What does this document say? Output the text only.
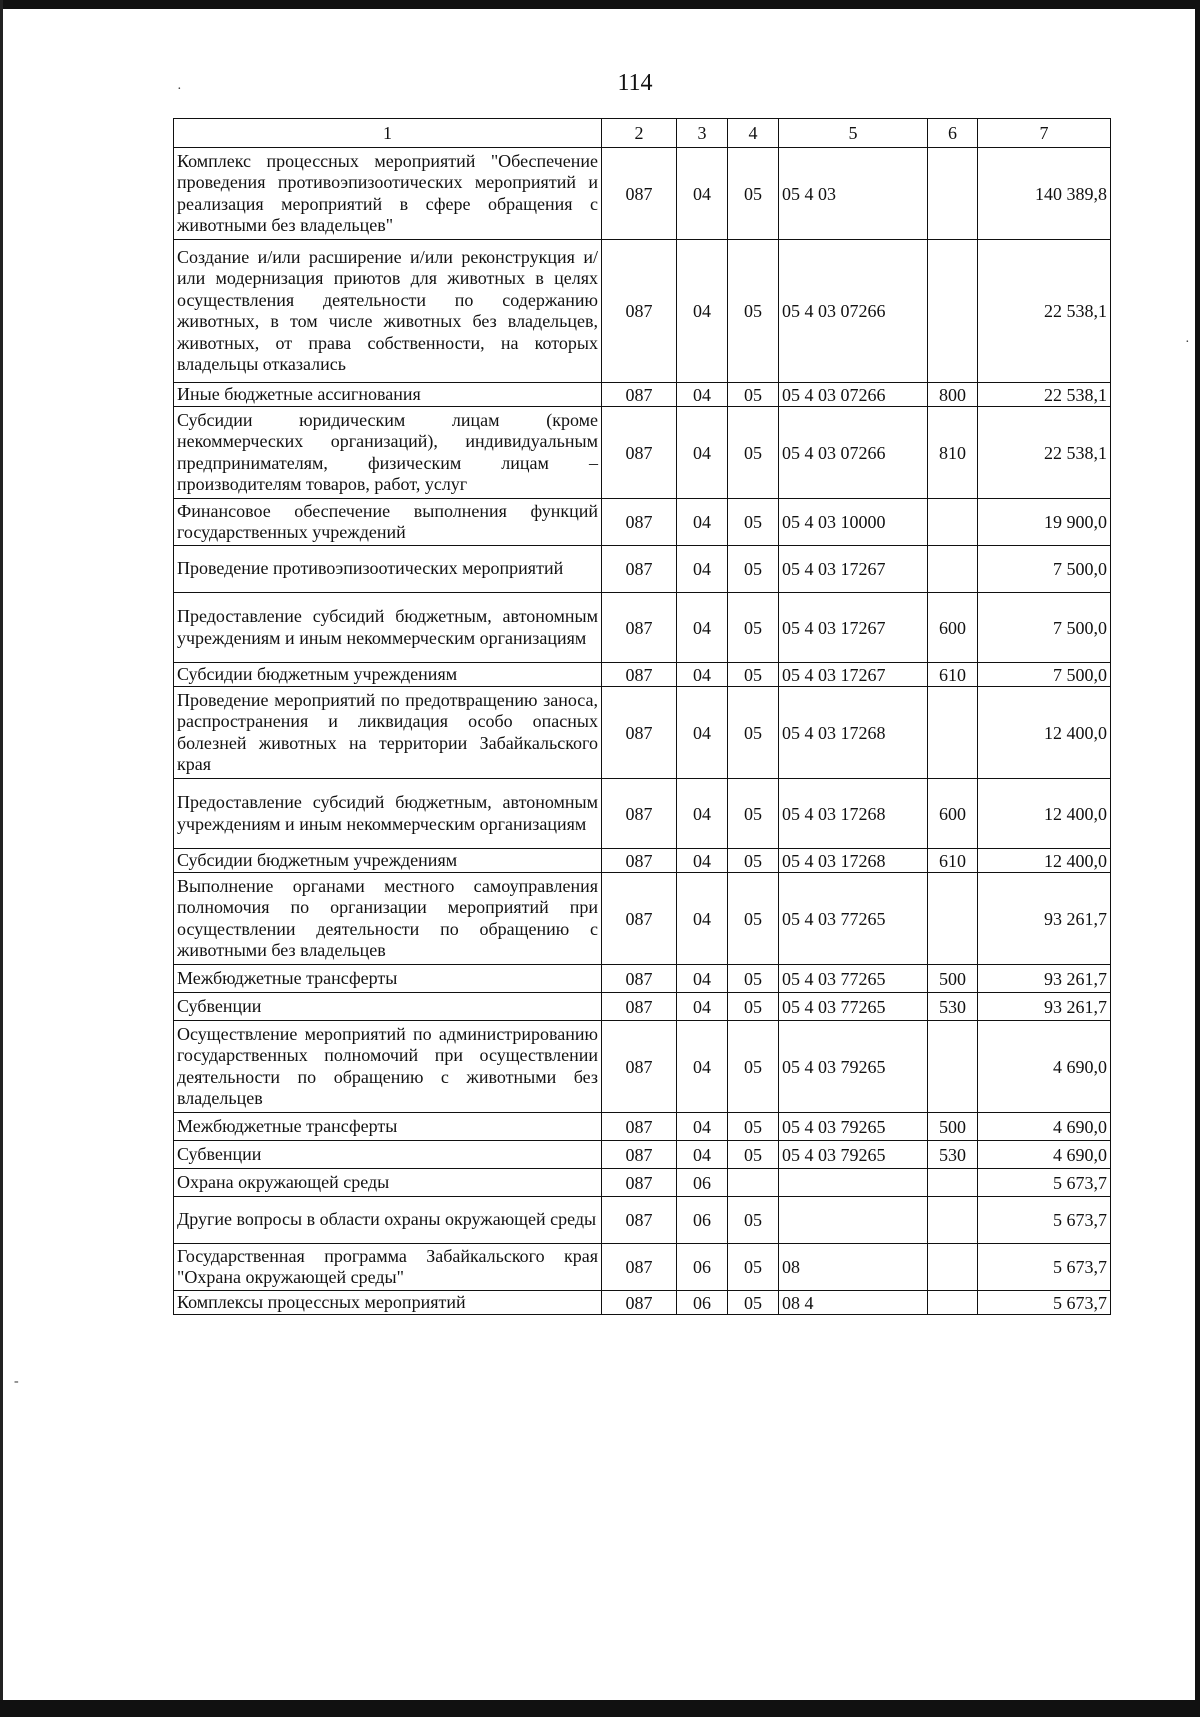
·
·
-
114
1	2	3	4	5	6	7
Комплекс процессных мероприятий "Обеспечение проведения противоэпизоотических мероприятий и реализация мероприятий в сфере обращения с животными без владельцев"	087	04	05	05 4 03		140 389,8
Создание и/или расширение и/или реконструкция и/или модернизация приютов для животных в целях осуществления деятельности по содержанию животных, в том числе животных без владельцев, животных, от права собственности, на которых владельцы отказались	087	04	05	05 4 03 07266		22 538,1
Иные бюджетные ассигнования	087	04	05	05 4 03 07266	800	22 538,1
Субсидии юридическим лицам (кроме некоммерческих организаций), индивидуальным предпринимателям, физическим лицам – производителям товаров, работ, услуг	087	04	05	05 4 03 07266	810	22 538,1
Финансовое обеспечение выполнения функций государственных учреждений	087	04	05	05 4 03 10000		19 900,0
Проведение противоэпизоотических мероприятий	087	04	05	05 4 03 17267		7 500,0
Предоставление субсидий бюджетным, автономным учреждениям и иным некоммерческим организациям	087	04	05	05 4 03 17267	600	7 500,0
Субсидии бюджетным учреждениям	087	04	05	05 4 03 17267	610	7 500,0
Проведение мероприятий по предотвращению заноса, распространения и ликвидация особо опасных болезней животных на территории Забайкальского края	087	04	05	05 4 03 17268		12 400,0
Предоставление субсидий бюджетным, автономным учреждениям и иным некоммерческим организациям	087	04	05	05 4 03 17268	600	12 400,0
Субсидии бюджетным учреждениям	087	04	05	05 4 03 17268	610	12 400,0
Выполнение органами местного самоуправления полномочия по организации мероприятий при осуществлении деятельности по обращению с животными без владельцев	087	04	05	05 4 03 77265		93 261,7
Межбюджетные трансферты	087	04	05	05 4 03 77265	500	93 261,7
Субвенции	087	04	05	05 4 03 77265	530	93 261,7
Осуществление мероприятий по администрированию государственных полномочий при осуществлении деятельности по обращению с животными без владельцев	087	04	05	05 4 03 79265		4 690,0
Межбюджетные трансферты	087	04	05	05 4 03 79265	500	4 690,0
Субвенции	087	04	05	05 4 03 79265	530	4 690,0
Охрана окружающей среды	087	06				5 673,7
Другие вопросы в области охраны окружающей среды	087	06	05			5 673,7
Государственная программа Забайкальского края "Охрана окружающей среды"	087	06	05	08		5 673,7
Комплексы процессных мероприятий	087	06	05	08 4		5 673,7
